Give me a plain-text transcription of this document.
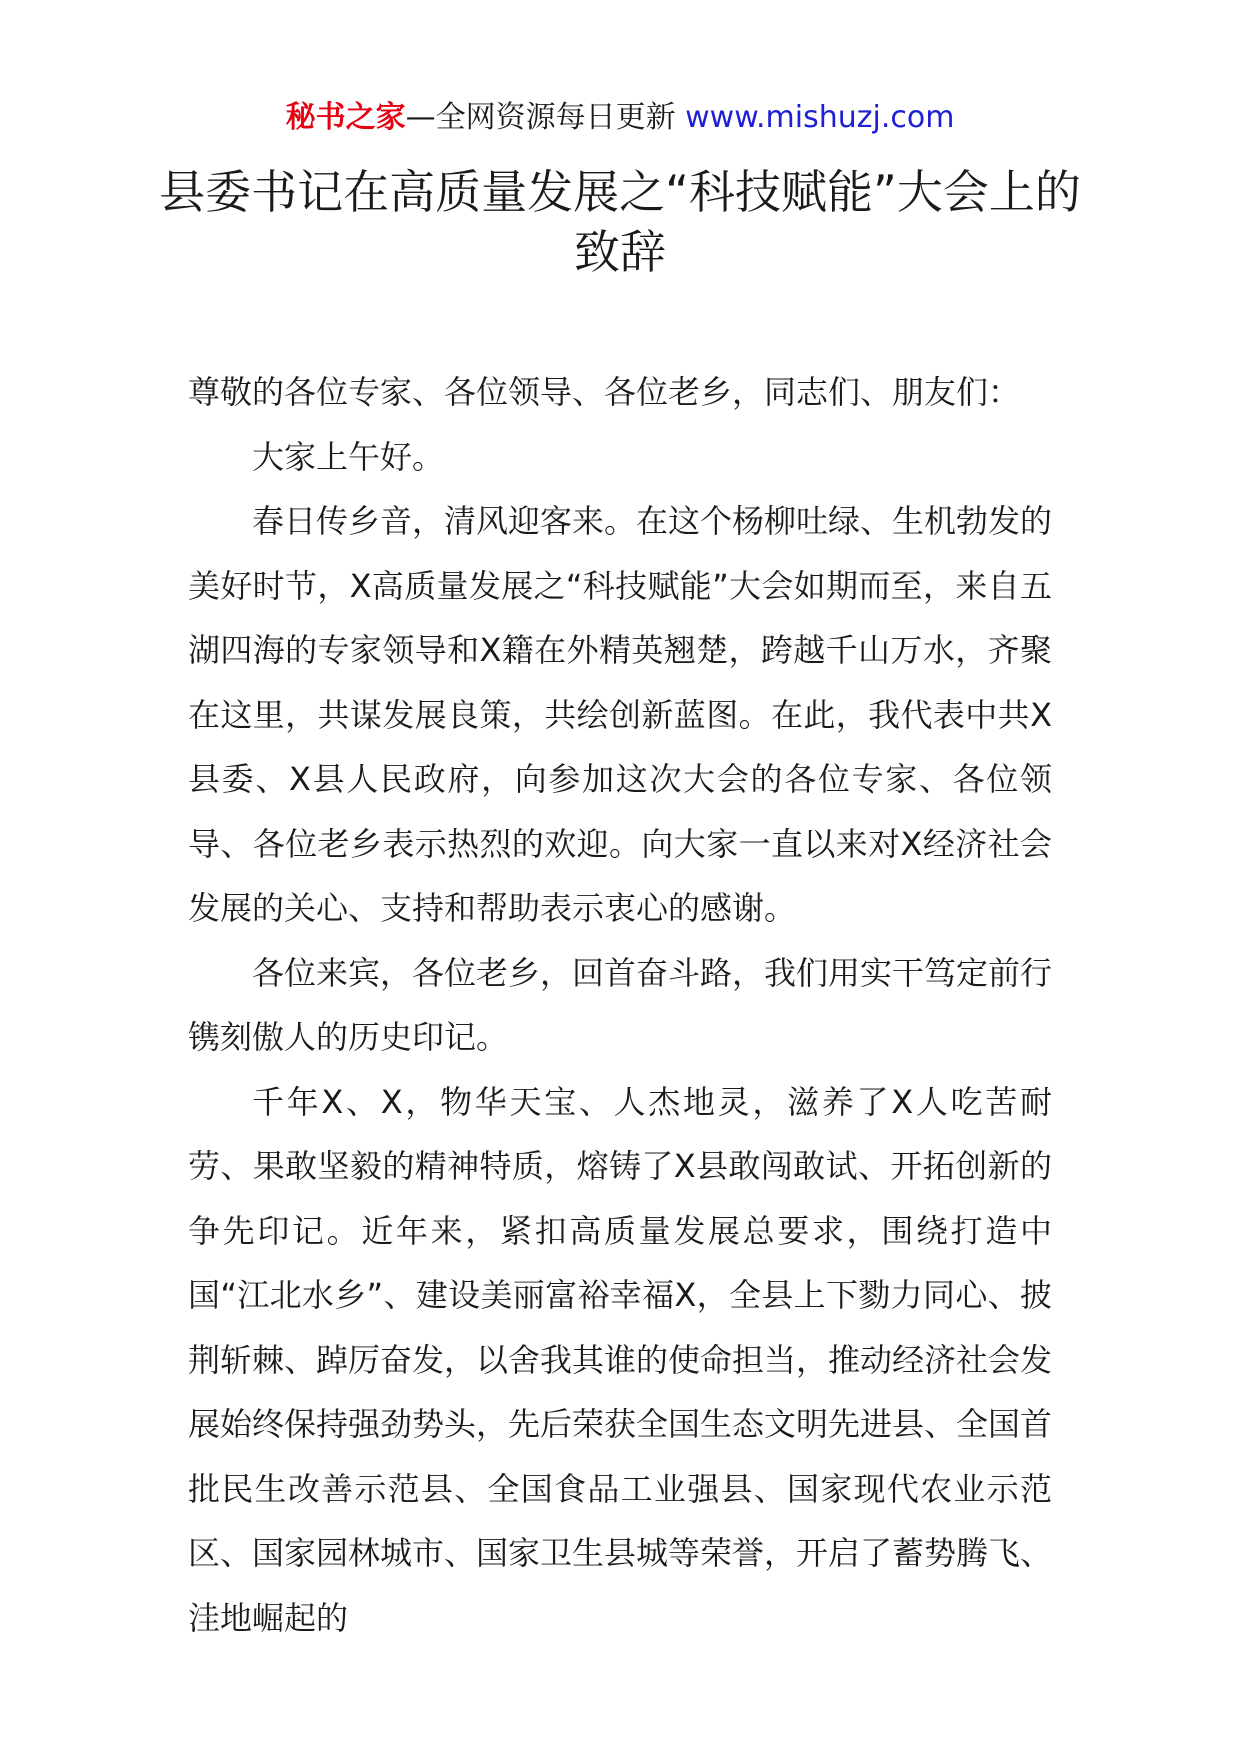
秘书之家—全网资源每日更新 www.mishuzj.com
县委书记在高质量发展之“科技赋能”大会上的致辞

尊敬的各位专家、各位领导、各位老乡，同志们、朋友们：

大家上午好。

春日传乡音，清风迎客来。在这个杨柳吐绿、生机勃发的美好时节，X高质量发展之“科技赋能”大会如期而至，来自五湖四海的专家领导和X籍在外精英翘楚，跨越千山万水，齐聚在这里，共谋发展良策，共绘创新蓝图。在此，我代表中共X县委、X县人民政府，向参加这次大会的各位专家、各位领导、各位老乡表示热烈的欢迎。向大家一直以来对X经济社会发展的关心、支持和帮助表示衷心的感谢。

各位来宾，各位老乡，回首奋斗路，我们用实干笃定前行镌刻傲人的历史印记。

千年X、X，物华天宝、人杰地灵，滋养了X人吃苦耐劳、果敢坚毅的精神特质，熔铸了X县敢闯敢试、开拓创新的争先印记。近年来，紧扣高质量发展总要求，围绕打造中国“江北水乡”、建设美丽富裕幸福X，全县上下勠力同心、披荆斩棘、踔厉奋发，以舍我其谁的使命担当，推动经济社会发展始终保持强劲势头，先后荣获全国生态文明先进县、全国首批民生改善示范县、全国食品工业强县、国家现代农业示范区、国家园林城市、国家卫生县城等荣誉，开启了蓄势腾飞、洼地崛起的
